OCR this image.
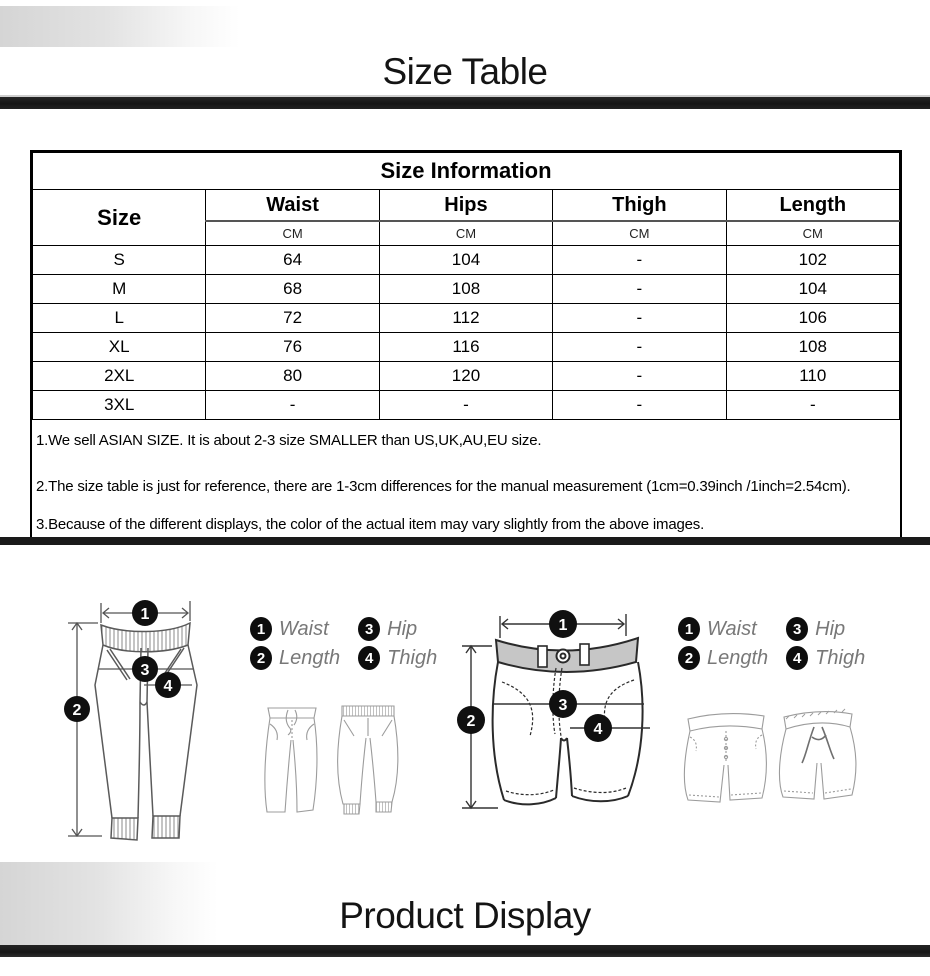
Size Table
Size Information				
Size	Waist	Hips	Thigh	Length
	CM	CM	CM	CM
S	64	104	-	102
M	68	108	-	104
L	72	112	-	106
XL	76	116	-	108
2XL	80	120	-	110
3XL	-	-	-	-

1.We sell ASIAN SIZE. It is about 2-3 size SMALLER than US,UK,AU,EU size.

2.The size table is just for reference, there are 1-3cm differences for the manual measurement (1cm=0.39inch /1inch=2.54cm).

3.Because of the different displays, the color of the actual item may vary slightly from the above images.

1
2
3
4
1 Waist	3 Hip
2 Length	4 Thigh
1
2
3
4
1 Waist	3 Hip
2 Length	4 Thigh
Product Display
